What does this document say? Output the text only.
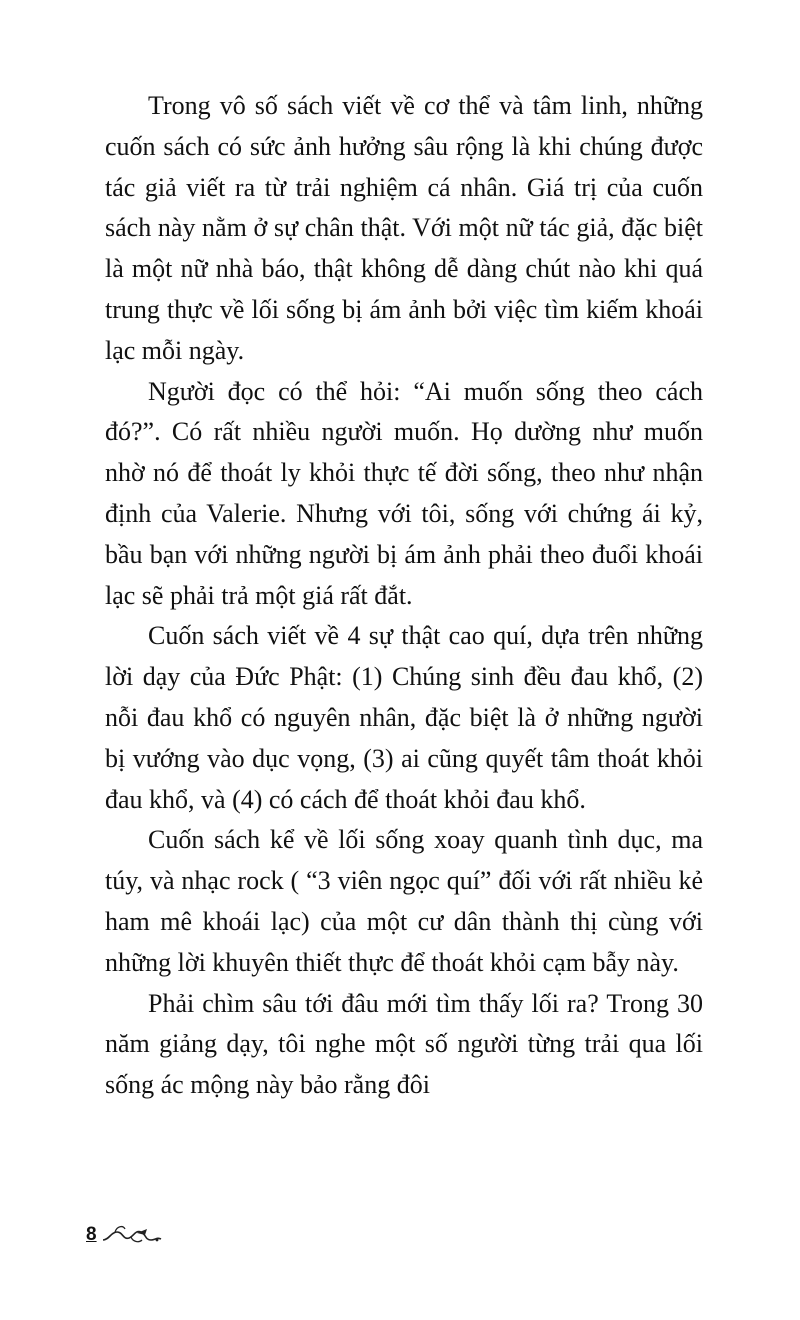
Trong vô số sách viết về cơ thể và tâm linh, những cuốn sách có sức ảnh hưởng sâu rộng là khi chúng được tác giả viết ra từ trải nghiệm cá nhân. Giá trị của cuốn sách này nằm ở sự chân thật. Với một nữ tác giả, đặc biệt là một nữ nhà báo, thật không dễ dàng chút nào khi quá trung thực về lối sống bị ám ảnh bởi việc tìm kiếm khoái lạc mỗi ngày.

Người đọc có thể hỏi: “Ai muốn sống theo cách đó?”. Có rất nhiều người muốn. Họ dường như muốn nhờ nó để thoát ly khỏi thực tế đời sống, theo như nhận định của Valerie. Nhưng với tôi, sống với chứng ái kỷ, bầu bạn với những người bị ám ảnh phải theo đuổi khoái lạc sẽ phải trả một giá rất đắt.

Cuốn sách viết về 4 sự thật cao quí, dựa trên những lời dạy của Đức Phật: (1) Chúng sinh đều đau khổ, (2) nỗi đau khổ có nguyên nhân, đặc biệt là ở những người bị vướng vào dục vọng, (3) ai cũng quyết tâm thoát khỏi đau khổ, và (4) có cách để thoát khỏi đau khổ.

Cuốn sách kể về lối sống xoay quanh tình dục, ma túy, và nhạc rock ( “3 viên ngọc quí” đối với rất nhiều kẻ ham mê khoái lạc) của một cư dân thành thị cùng với những lời khuyên thiết thực để thoát khỏi cạm bẫy này.

Phải chìm sâu tới đâu mới tìm thấy lối ra? Trong 30 năm giảng dạy, tôi nghe một số người từng trải qua lối sống ác mộng này bảo rằng đôi

8
